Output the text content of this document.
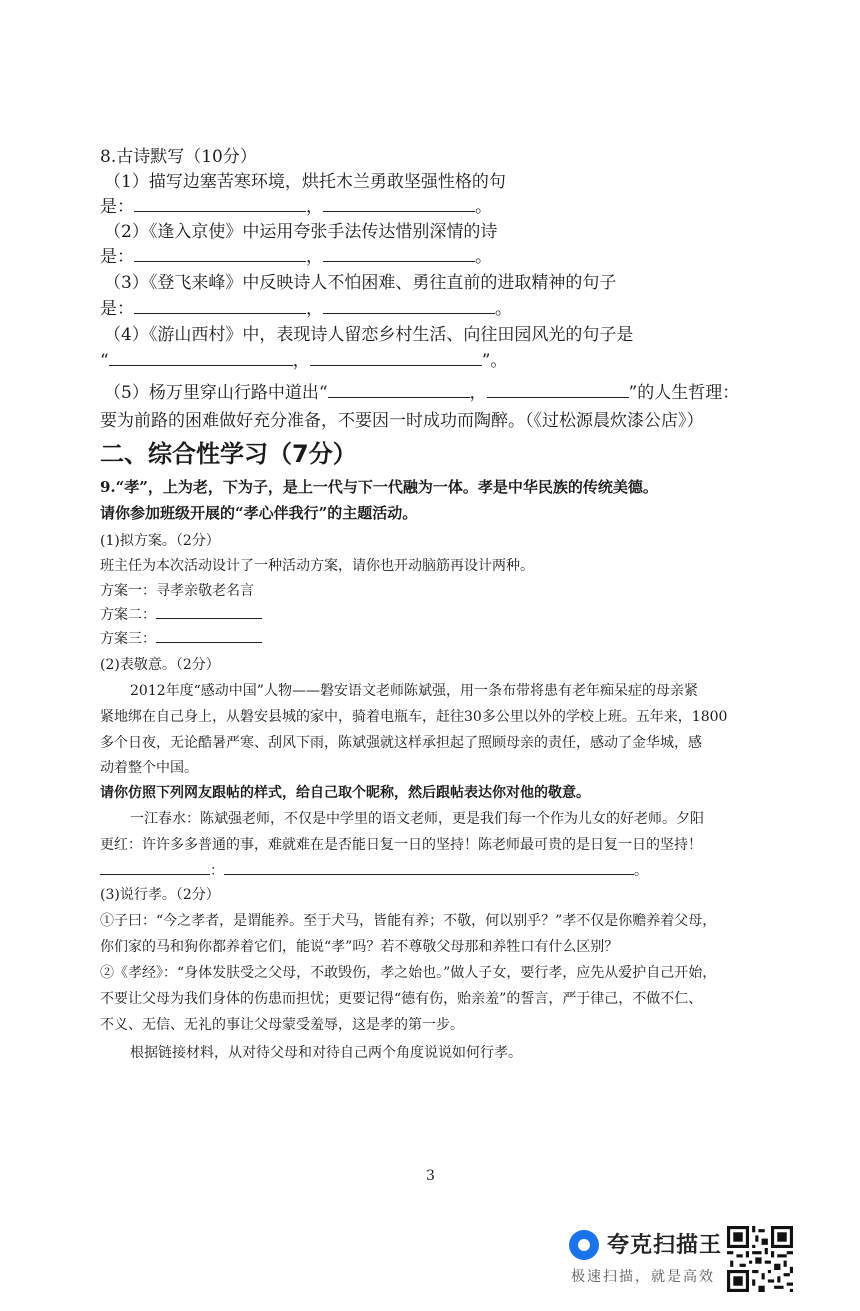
8.古诗默写（10分）
（1）描写边塞苦寒环境，烘托木兰勇敢坚强性格的句
是：	，	。
（2）《逢入京使》中运用夸张手法传达惜别深情的诗
是：	，	。
（3）《登飞来峰》中反映诗人不怕困难、勇往直前的进取精神的句子
是：	，	。
（4）《游山西村》中，表现诗人留恋乡村生活、向往田园风光的句子是
“	，	”。
（5）杨万里穿山行路中道出“	，	”的人生哲理：
要为前路的困难做好充分准备，不要因一时成功而陶醉。（《过松源晨炊漆公店》）
二、综合性学习（7分）
9.“孝”，上为老，下为子，是上一代与下一代融为一体。孝是中华民族的传统美德。
请你参加班级开展的“孝心伴我行”的主题活动。
(1)拟方案。（2分）
班主任为本次活动设计了一种活动方案，请你也开动脑筋再设计两种。
方案一：寻孝亲敬老名言
方案二：
方案三：
(2)表敬意。（2分）
2012年度“感动中国”人物——磐安语文老师陈斌强，用一条布带将患有老年痴呆症的母亲紧
紧地绑在自己身上，从磐安县城的家中，骑着电瓶车，赶往30多公里以外的学校上班。五年来，1800
多个日夜，无论酷暑严寒、刮风下雨，陈斌强就这样承担起了照顾母亲的责任，感动了金华城，感
动着整个中国。
请你仿照下列网友跟帖的样式，给自己取个昵称，然后跟帖表达你对他的敬意。
一江春水：陈斌强老师，不仅是中学里的语文老师，更是我们每一个作为儿女的好老师。夕阳
更红：许许多多普通的事，难就难在是否能日复一日的坚持！陈老师最可贵的是日复一日的坚持！
：	。
(3)说行孝。（2分）
①子曰：“今之孝者，是谓能养。至于犬马，皆能有养；不敬，何以别乎？”孝不仅是你赡养着父母，
你们家的马和狗你都养着它们，能说“孝”吗？若不尊敬父母那和养牲口有什么区别？
②《孝经》：“身体发肤受之父母，不敢毁伤，孝之始也。”做人子女，要行孝，应先从爱护自己开始，
不要让父母为我们身体的伤患而担忧；更要记得“德有伤，贻亲羞”的誓言，严于律己，不做不仁、
不义、无信、无礼的事让父母蒙受羞辱，这是孝的第一步。
根据链接材料，从对待父母和对待自己两个角度说说如何行孝。
3
夸克扫描王
极速扫描，就是高效
